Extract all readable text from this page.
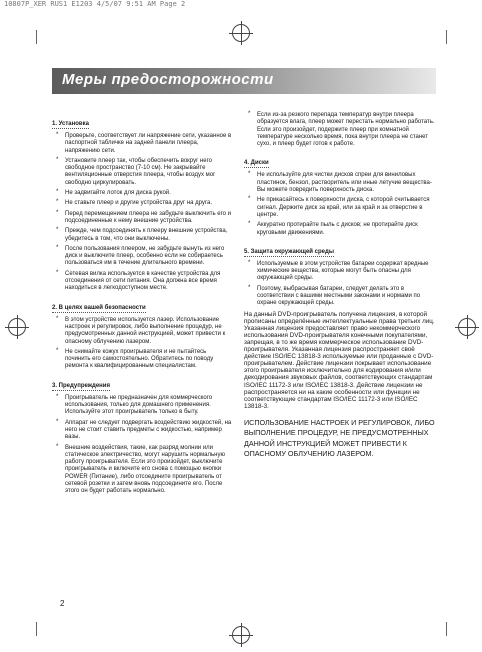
10807P_XER RUS1 E1203 4/5/07 9:51 AM Page 2
Меры предосторожности
1. Установка
* Проверьте, соответствует ли напряжение сети, указанное в паспортной табличке на задней панели плеера, напряжению сети.
* Установите плеер так, чтобы обеспечить вокруг него свободное пространство (7-10 см). Не закрывайте вентиляционные отверстия плеера, чтобы воздух мог свободно циркулировать.
* Не задвигайте лоток для диска рукой.
* Не ставьте плеер и другие устройства друг на друга.
* Перед перемещением плеера не забудьте выключить его и подсоединенные к нему внешние устройства.
* Прежде, чем подсоединять к плееру внешние устройства, убедитесь в том, что они выключены.
* После пользования плеером, не забудьте вынуть из него диск и выключите плеер, особенно если не собираетесь пользоваться им в течение длительного времени.
* Сетевая вилка используется в качестве устройства для отсоединения от сети питания. Она должна все время находиться в легкодоступном месте.
2. В целях вашей безопасности
* В этом устройстве используется лазер. Использование настроек и регулировок, либо выполнение процедур, не предусмотренных данной инструкцией, может привести к опасному облучению лазером.
* Не снимайте кожух проигрывателя и не пытайтесь починить его самостоятельно. Обратитесь по поводу ремонта к квалифицированным специалистам.
3. Предупреждения
* Проигрыватель не предназначен для коммерческого использования, только для домашнего применения. Используйте этот проигрыватель только в быту.
* Аппарат не следует подвергать воздействию жидкостей, на него не стоит ставить предметы с жидкостью, например вазы.
* Внешние воздействия, такие, как разряд молнии или статическое электричество, могут нарушить нормальную работу проигрывателя. Если это произойдет, выключите проигрыватель и включите его снова с помощью кнопки POWER (Питание), либо отсоедините проигрыватель от сетевой розетки и затем вновь подсоедините его. После этого он будет работать нормально.
* Если из-за резкого перепада температур внутри плеера образуется влага, плеер может перестать нормально работать. Если это произойдет, подержите плеер при комнатной температуре несколько время, пока внутри плеера не станет сухо, и плеер будет готов к работе.
4. Диски
* Не используйте для чистки дисков спреи для виниловых пластинок, бензол, растворитель или иные летучие вещества-Вы можете повредить поверхность диска.
* Не прикасайтесь к поверхности диска, с которой считывается сигнал. Держите диск за край, или за край и за отверстие в центре.
* Аккуратно протирайте пыль с дисков; не протирайте диск круговыми движениями.
5. Защита окружающей среды
* Используемые в этом устройстве батареи содержат вредные химические вещества, которые могут быть опасны для окружающей среды.
* Поэтому, выбрасывая батареи, следует делать это в соответствии с вашими местными законами и нормами по охране окружающей среды.

На данный DVD-проигрыватель получена лицензия, в которой прописаны определённые интеллектуальные права третьих лиц. Указанная лицензия предоставляет право некоммерческого использования DVD-проигрывателя конечными покупателями, запрещая, в то же время коммерческое использование DVD-проигрывателя. Указанная лицензия распространяет своё действие ISO/IEC 13818-3 используемые или проданные с DVD-проигрывателем. Действие лицензии покрывает использование этого проигрывателя исключительно для кодирования и/или декодирования звуковых файлов, соответствующих стандартам ISO/IEC 11172-3 или ISO/IEC 13818-3. Действие лицензии не распространяется ни на какие особенности или функции не соответствующие стандартам ISO/IEC 11172-3 или ISO/IEC 13818-3.

ИСПОЛЬЗОВАНИЕ НАСТРОЕК И РЕГУЛИРОВОК, ЛИБО ВЫПОЛНЕНИЕ ПРОЦЕДУР, НЕ ПРЕДУСМОТРЕННЫХ ДАННОЙ ИНСТРУКЦИЕЙ МОЖЕТ ПРИВЕСТИ К ОПАСНОМУ ОБЛУЧЕНИЮ ЛАЗЕРОМ.

2
